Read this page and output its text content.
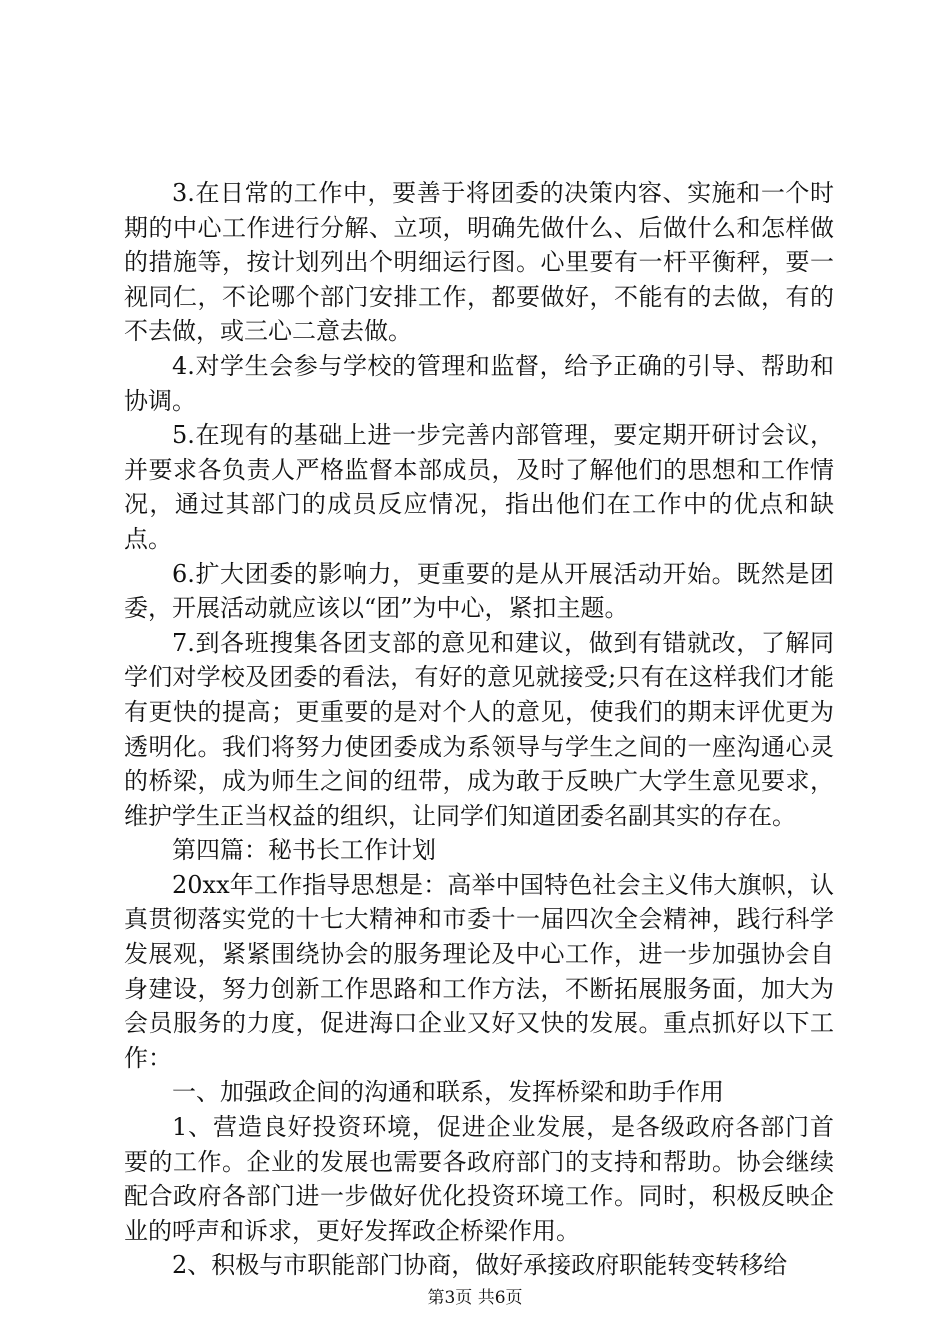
3.在日常的工作中，要善于将团委的决策内容、实施和一个时期的中心工作进行分解、立项，明确先做什么、后做什么和怎样做的措施等，按计划列出个明细运行图。心里要有一杆平衡秤，要一视同仁，不论哪个部门安排工作，都要做好，不能有的去做，有的不去做，或三心二意去做。

4.对学生会参与学校的管理和监督，给予正确的引导、帮助和协调。

5.在现有的基础上进一步完善内部管理，要定期开研讨会议，并要求各负责人严格监督本部成员，及时了解他们的思想和工作情况，通过其部门的成员反应情况，指出他们在工作中的优点和缺点。

6.扩大团委的影响力，更重要的是从开展活动开始。既然是团委，开展活动就应该以“团”为中心，紧扣主题。

7.到各班搜集各团支部的意见和建议，做到有错就改，了解同学们对学校及团委的看法，有好的意见就接受;只有在这样我们才能有更快的提高；更重要的是对个人的意见，使我们的期末评优更为透明化。我们将努力使团委成为系领导与学生之间的一座沟通心灵的桥梁，成为师生之间的纽带，成为敢于反映广大学生意见要求，维护学生正当权益的组织，让同学们知道团委名副其实的存在。

第四篇：秘书长工作计划

20xx年工作指导思想是：高举中国特色社会主义伟大旗帜，认真贯彻落实党的十七大精神和市委十一届四次全会精神，践行科学发展观，紧紧围绕协会的服务理论及中心工作，进一步加强协会自身建设，努力创新工作思路和工作方法，不断拓展服务面，加大为会员服务的力度，促进海口企业又好又快的发展。重点抓好以下工作：

一、加强政企间的沟通和联系，发挥桥梁和助手作用

1、营造良好投资环境，促进企业发展，是各级政府各部门首要的工作。企业的发展也需要各政府部门的支持和帮助。协会继续配合政府各部门进一步做好优化投资环境工作。同时，积极反映企业的呼声和诉求，更好发挥政企桥梁作用。

2、积极与市职能部门协商，做好承接政府职能转变转移给

第3页 共6页
